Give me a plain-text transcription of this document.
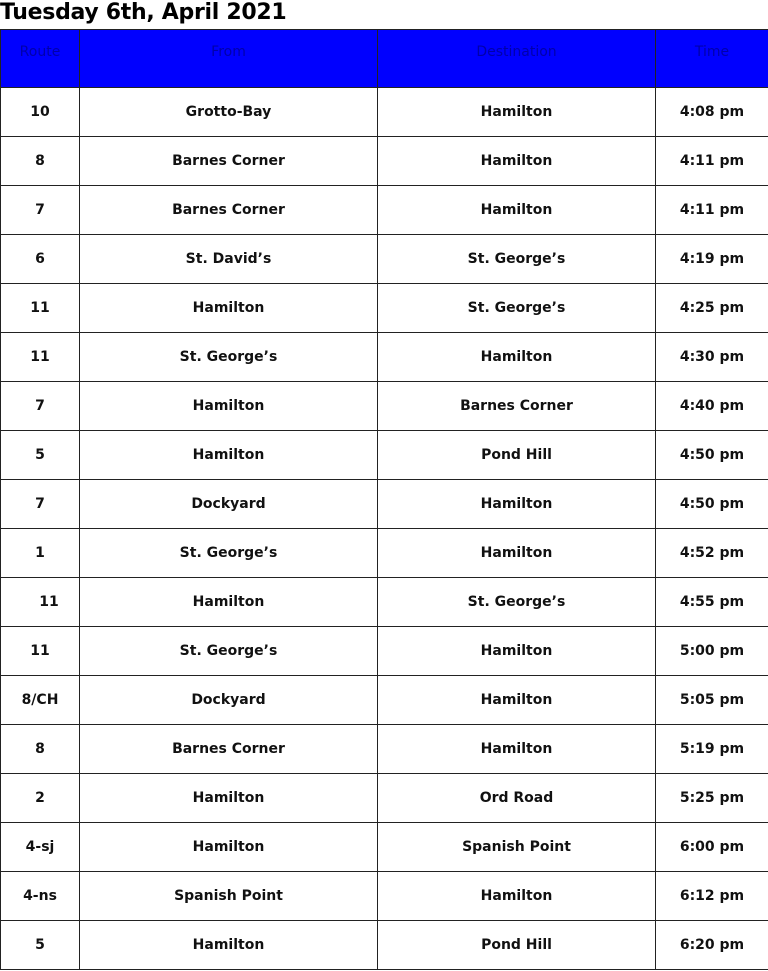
Tuesday 6th, April 2021
Route	From	Destination	Time
10	Grotto-Bay	Hamilton	4:08 pm
8	Barnes Corner	Hamilton	4:11 pm
7	Barnes Corner	Hamilton	4:11 pm
6	St. David’s	St. George’s	4:19 pm
11	Hamilton	St. George’s	4:25 pm
11	St. George’s	Hamilton	4:30 pm
7	Hamilton	Barnes Corner	4:40 pm
5	Hamilton	Pond Hill	4:50 pm
7	Dockyard	Hamilton	4:50 pm
1	St. George’s	Hamilton	4:52 pm
11	Hamilton	St. George’s	4:55 pm
11	St. George’s	Hamilton	5:00 pm
8/CH	Dockyard	Hamilton	5:05 pm
8	Barnes Corner	Hamilton	5:19 pm
2	Hamilton	Ord Road	5:25 pm
4-sj	Hamilton	Spanish Point	6:00 pm
4-ns	Spanish Point	Hamilton	6:12 pm
5	Hamilton	Pond Hill	6:20 pm
